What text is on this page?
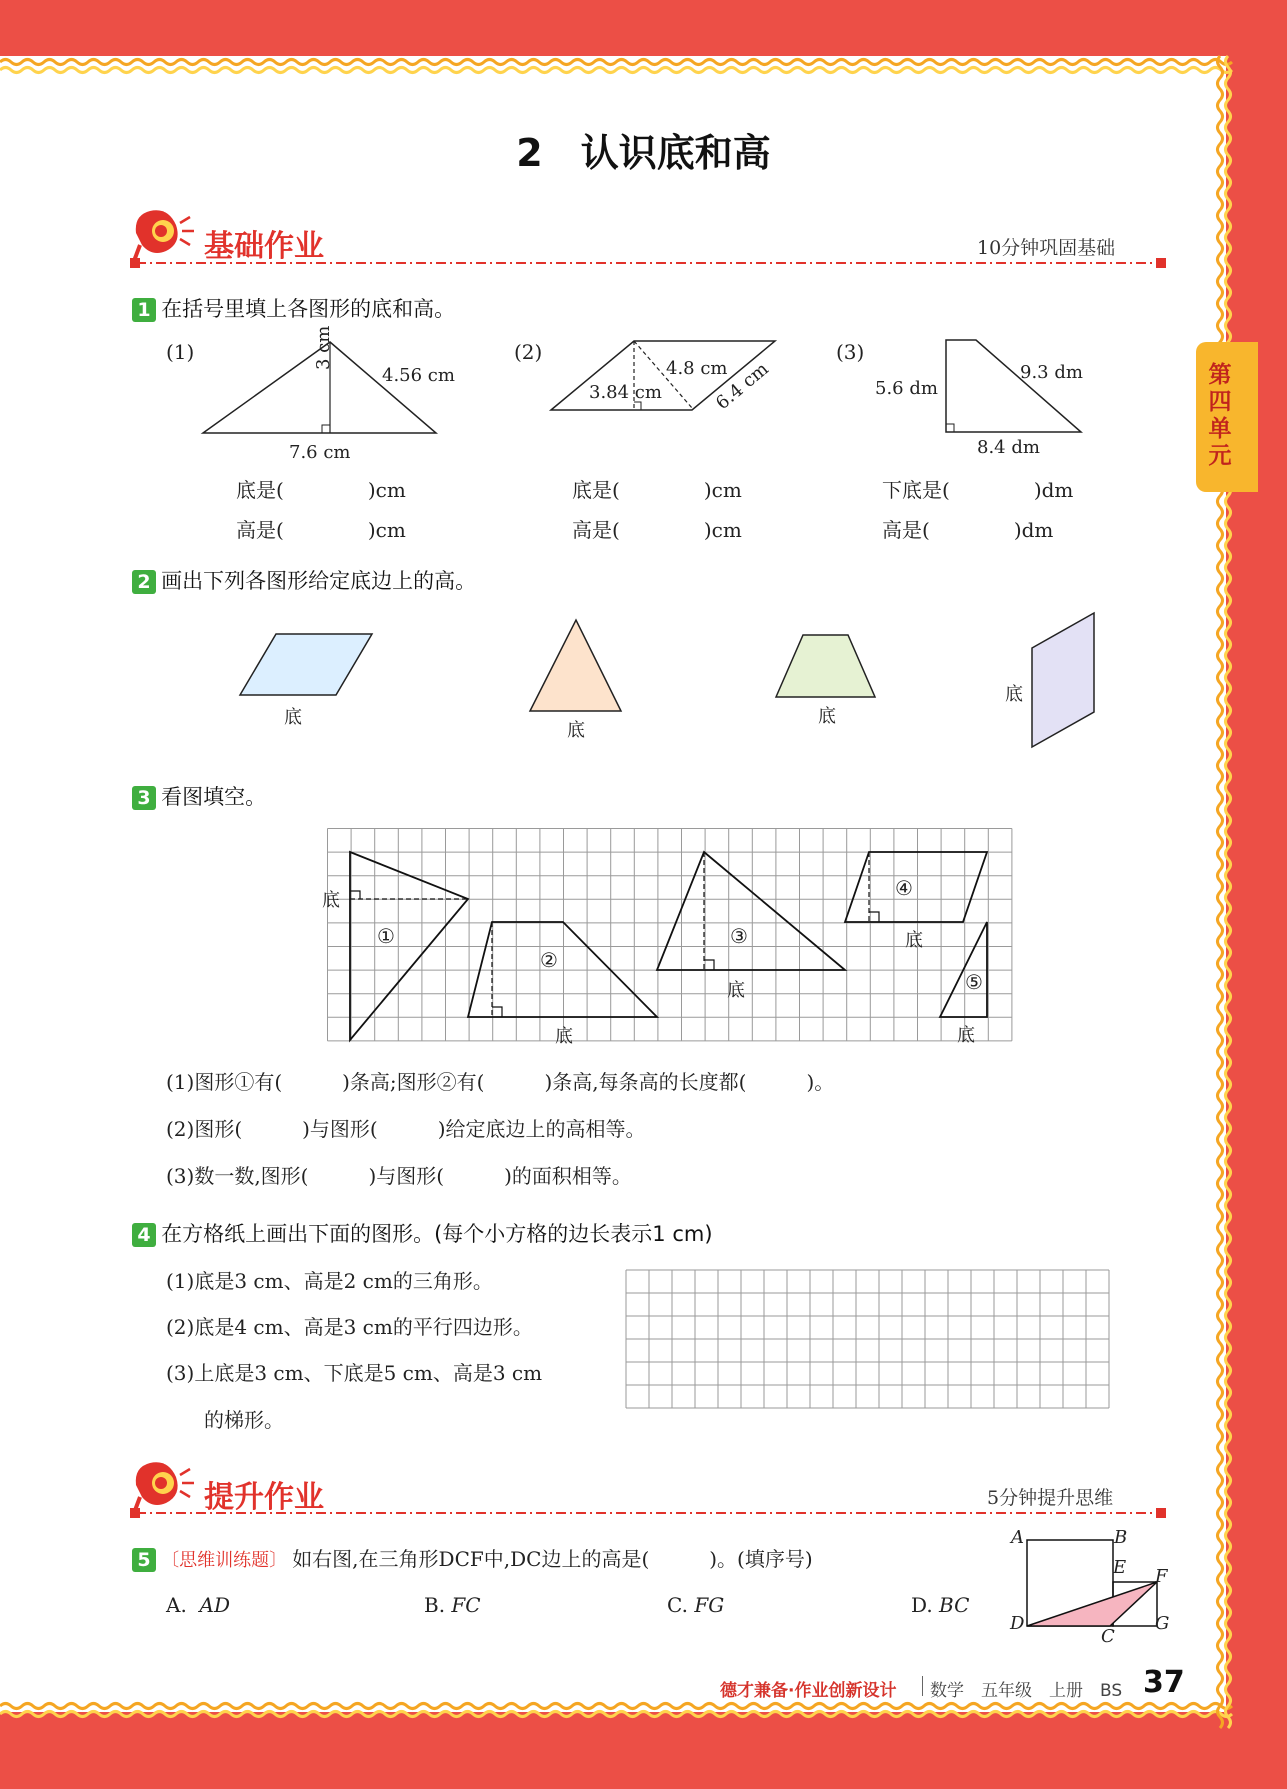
2　认识底和高
第
四
单
元
基础作业	10分钟巩固基础
1 在括号里填上各图形的底和高。
(1)	(2)	(3)
3 cm
4.56 cm
7.6 cm
4.8 cm
3.84 cm	6.4 cm	5.6 dm
9.3 dm
8.4 dm
底是(	)cm
高是(	)cm
底是(	)cm
高是(	)cm
下底是(	)dm
高是(	)dm
2 画出下列各图形给定底边上的高。
底
底
底
底
3 看图填空。
底
①
②
底
③
底
④
底
⑤
底
(1)图形①有(　　　)条高;图形②有(　　　)条高,每条高的长度都(　　　)。
(2)图形(　　　)与图形(　　　)给定底边上的高相等。
(3)数一数,图形(　　　)与图形(　　　)的面积相等。
4 在方格纸上画出下面的图形。(每个小方格的边长表示1 cm)
(1)底是3 cm、高是2 cm的三角形。
(2)底是4 cm、高是3 cm的平行四边形。
(3)上底是3 cm、下底是5 cm、高是3 cm
的梯形。
提升作业	5分钟提升思维
5 〔思维训练题〕 如右图,在三角形DCF中,DC边上的高是(　　　)。(填序号)
A. AD	B. FC	C. FG	D. BC
A	B
E F
D
C
G
德才兼备·作业创新设计 数学　五年级　上册　BS 37
